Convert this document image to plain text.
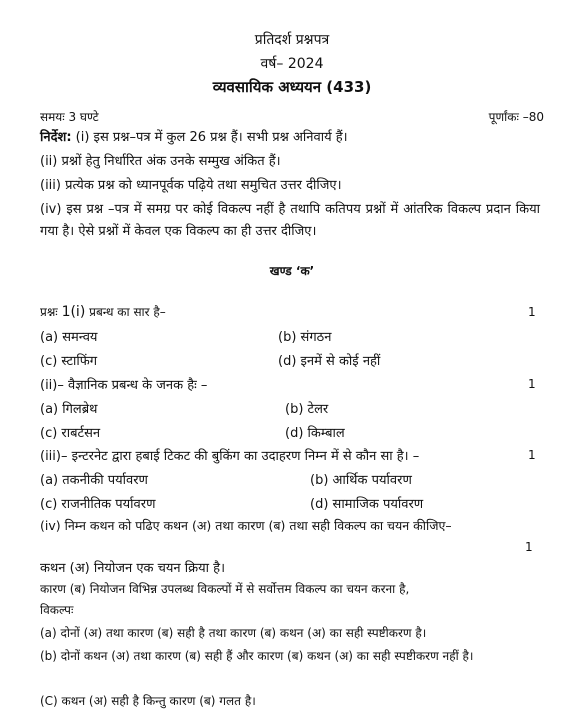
प्रतिदर्श प्रश्नपत्र
वर्ष– 2024
व्यवसायिक अध्ययन (433)
समयः 3 घण्टे	पूर्णांकः –80
निर्देश: (i) इस प्रश्न–पत्र में कुल 26 प्रश्न हैं। सभी प्रश्न अनिवार्य हैं।
(ii) प्रश्नों हेतु निर्धारित अंक उनके सम्मुख अंकित हैं।
(iii) प्रत्येक प्रश्न को ध्यानपूर्वक पढ़िये तथा समुचित उत्तर दीजिए।
(iv) इस प्रश्न –पत्र में समग्र पर कोई विकल्प नहीं है तथापि कतिपय प्रश्नों में आंतरिक विकल्प प्रदान किया गया है। ऐसे प्रश्नों में केवल एक विकल्प का ही उत्तर दीजिए।
खण्ड ‘क’
प्रश्नः 1(i) प्रबन्ध का सार है–	1
(a) समन्वय	(b) संगठन
(c) स्टाफिंग	(d) इनमें से कोई नहीं
(ii)– वैज्ञानिक प्रबन्ध के जनक हैः –	1
(a) गिलब्रेथ	(b) टेलर
(c) राबर्टसन	(d) किम्बाल
(iii)– इन्टरनेट द्वारा हबाई टिकट की बुकिंग का उदाहरण निम्न में से कौन सा है। –	1
(a) तकनीकी पर्यावरण	(b) आर्थिक पर्यावरण
(c) राजनीतिक पर्यावरण	(d) सामाजिक पर्यावरण
(iv) निम्न कथन को पढिए कथन (अ) तथा कारण (ब) तथा सही विकल्प का चयन कीजिए–
1
कथन (अ) नियोजन एक चयन क्रिया है।
कारण (ब) नियोजन विभिन्न उपलब्ध विकल्पों में से सर्वोत्तम विकल्प का चयन करना है,
विकल्पः
(a) दोनों (अ) तथा कारण (ब) सही है तथा कारण (ब) कथन (अ) का सही स्पष्टीकरण है।
(b) दोनों कथन (अ) तथा कारण (ब) सही हैं और कारण (ब) कथन (अ) का सही स्पष्टीकरण नहीं है।
(C) कथन (अ) सही है किन्तु कारण (ब) गलत है।
